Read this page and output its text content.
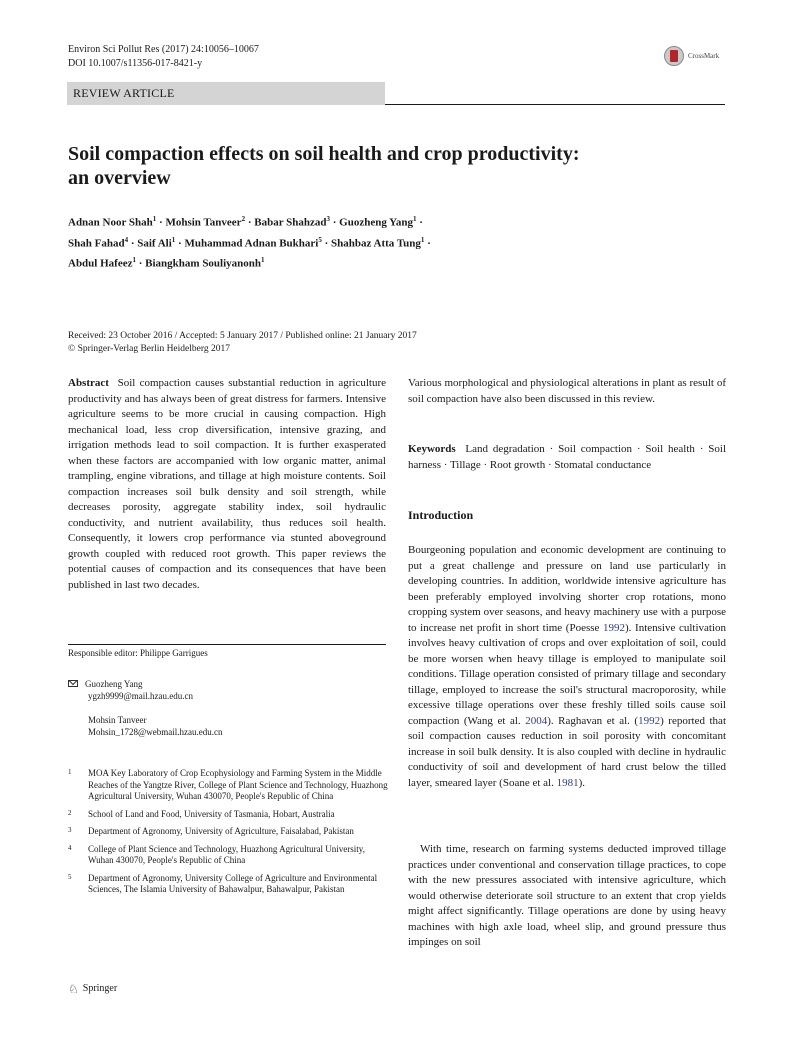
Environ Sci Pollut Res (2017) 24:10056–10067
DOI 10.1007/s11356-017-8421-y
CrossMark
REVIEW ARTICLE
Soil compaction effects on soil health and crop productivity: an overview
Adnan Noor Shah$^1$ · Mohsin Tanveer$^2$ · Babar Shahzad$^3$ · Guozheng Yang$^1$ ·
Shah Fahad$^4$ · Saif Ali$^1$ · Muhammad Adnan Bukhari$^5$ · Shahbaz Atta Tung$^1$ ·
Abdul Hafeez$^1$ · Biangkham Souliyanonh$^1$
Received: 23 October 2016 / Accepted: 5 January 2017 / Published online: 21 January 2017
© Springer-Verlag Berlin Heidelberg 2017
Abstract Soil compaction causes substantial reduction in agriculture productivity and has always been of great distress for farmers. Intensive agriculture seems to be more crucial in causing compaction. High mechanical load, less crop diversification, intensive grazing, and irrigation methods lead to soil compaction. It is further exasperated when these factors are accompanied with low organic matter, animal trampling, engine vibrations, and tillage at high moisture contents. Soil compaction increases soil bulk density and soil strength, while decreases porosity, aggregate stability index, soil hydraulic conductivity, and nutrient availability, thus reduces soil health. Consequently, it lowers crop performance via stunted aboveground growth coupled with reduced root growth. This paper reviews the potential causes of compaction and its consequences that have been published in last two decades.
Responsible editor: Philippe Garrigues
Guozheng Yang
ygzh9999@mail.hzau.edu.cn
Mohsin Tanveer
Mohsin_1728@webmail.hzau.edu.cn
1	MOA Key Laboratory of Crop Ecophysiology and Farming System in the Middle Reaches of the Yangtze River, College of Plant Science and Technology, Huazhong Agricultural University, Wuhan 430070, People's Republic of China
2	School of Land and Food, University of Tasmania, Hobart, Australia
3	Department of Agronomy, University of Agriculture, Faisalabad, Pakistan
4	College of Plant Science and Technology, Huazhong Agricultural University, Wuhan 430070, People's Republic of China
5	Department of Agronomy, University College of Agriculture and Environmental Sciences, The Islamia University of Bahawalpur, Bahawalpur, Pakistan
Various morphological and physiological alterations in plant as result of soil compaction have also been discussed in this review.
Keywords Land degradation · Soil compaction · Soil health · Soil harness · Tillage · Root growth · Stomatal conductance
Introduction
Bourgeoning population and economic development are continuing to put a great challenge and pressure on land use particularly in developing countries. In addition, worldwide intensive agriculture has been preferably employed involving shorter crop rotations, mono cropping system over seasons, and heavy machinery use with a purpose to increase net profit in short time (Poesse 1992). Intensive cultivation involves heavy cultivation of crops and over exploitation of soil, could be more worsen when heavy tillage is employed to manipulate soil conditions. Tillage operation consisted of primary tillage and secondary tillage, employed to increase the soil's structural macroporosity, while excessive tillage operations over these freshly tilled soils cause soil compaction (Wang et al. 2004). Raghavan et al. (1992) reported that soil compaction causes reduction in soil porosity with concomitant increase in soil bulk density. It is also coupled with decline in hydraulic conductivity of soil and development of hard crust below the tilled layer, smeared layer (Soane et al. 1981).
With time, research on farming systems deducted improved tillage practices under conventional and conservation tillage practices, to cope with the new pressures associated with intensive agriculture, which would otherwise deteriorate soil structure to an extent that crop yields might affect significantly. Tillage operations are done by using heavy machines with high axle load, wheel slip, and ground pressure thus impinges on soil
♘ Springer
